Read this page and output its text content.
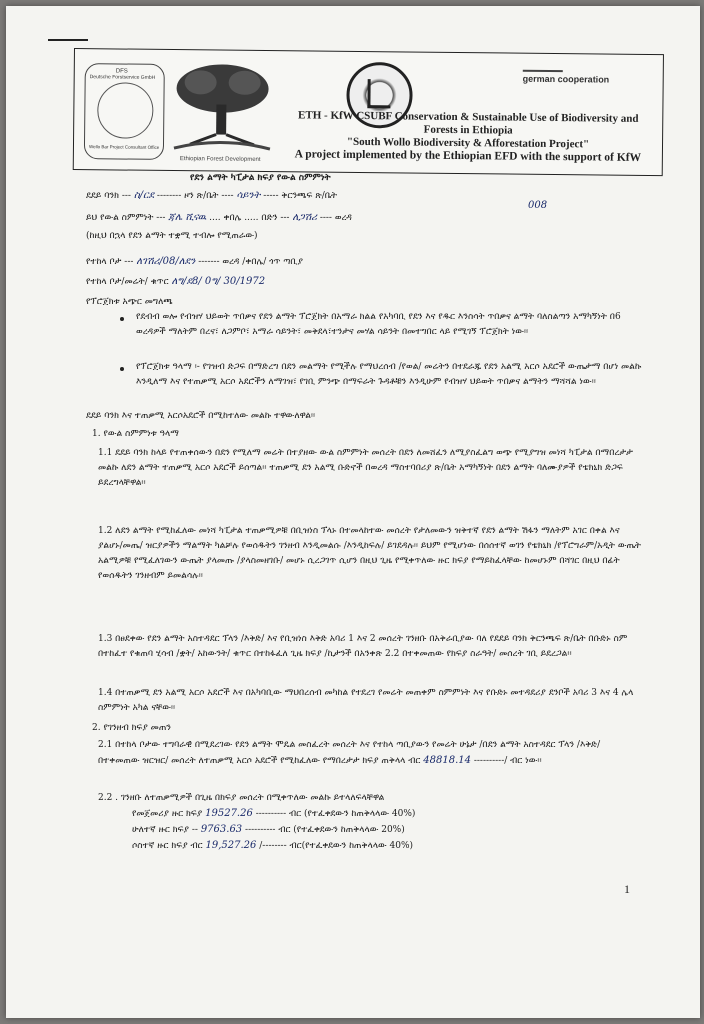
DFS
Deutsche Forstservice GmbH
Wello Bar Project Consultant Office
Ethiopian Forest Development
german cooperation
ETH - KfW CSUBF Conservation & Sustainable Use of Biodiversity and
Forests in Ethiopia
"South Wollo Biodiversity & Afforestation Project"
A project implemented by the Ethiopian EFD with the support of KfW
የደን ልማት ካፒታል ክፍያ የውል ስምምነት
ደደይ ባንክ --- ስ/ርደ -------- ዞን ጽ/ቤት ---- ሳይንት ----- ቅርንጫፍ ጽ/ቤት
008
ይህ የውል ስምምነት --- ጃሌ ሺናዉ .... ቀበሌ ..... በድን --- ለጋሽሪ ---- ወረዳ
(ከዚህ በኋላ የደን ልማት ተቋሚ ተብሎ የሚጠራው)
የተከላ ቦታ --- ለገሽሪ/08/ለደን ------- ወረዳ /ቀበሌ/ ጎጥ ጣቢያ
የተከላ ቦታ/መሬት/ ቁጥር ለግ/ደ8/ 0ግ/ 30/1972
የፕሮጀክቱ አጭር መግለጫ
የደብብ ወሎ የብዝሃ ህይወት ጥበቃና የደን ልማት ፕሮጀክት በአማራ ክልል የአካባቢ የደን እና የዱር እንስሳት ጥበቃና ልማት ባለስልጣን አማካኝነት በ6 ወረዳዎች ማለትም በረና፣ ለጋምቦ፣ አማራ ሳይንት፣ መቅደላ፣ተንታና መሃል ሳይንት በመተግበር ላይ የሚገኝ ፕሮጀክት ነው፡፡
የፕሮጀክቱ ዓላማ ፡- የገዝብ ድጋፍ በማድረግ በደን መልማት የሚችሉ የማህረሰብ /የወል/ መሬትን በተደራጁ የደን አልሚ አርሶ አደሮች ውጤታማ በሆነ መልኩ እንዲለማ እና የተጠቃሚ አርሶ አደሮችን ለማገዝ፣ የገቢ ምንጭ በማፍራት ጉዳቶቹን እንዲሁም የብዝሃ ህይወት ጥበቃና ልማትን ማሻሻል ነው፡፡
ደደይ ባንክ እና ተጠቃሚ አርሶአደሮች በሚከተለው መልኩ ተዋውለዋል፡፡
1. የውል ስምምነቱ ዓላማ
1.1 ደደይ ባንክ ከላይ የተጠቀሰውን በደን የሚለማ መሬት በተያዘው ውል ስምምነት መሰረት በደን ለመሸፈን ለሚያስፈልግ ወጭ የሚያግዝ መነሻ ካፒታል በማበረታታ መልኩ ለደን ልማት ተጠቃሚ አርሶ አደሮች ይሰጣል፡፡ ተጠቃሚ ደን አልሚ ቡድኖች በወረዳ ማስተባበሪያ ጽ/ቤት አማካኝነት በደን ልማት ባለሙያዎች የቴክኒክ ድጋፍ ይደረግላቸዋል፡፡
1.2 ለደን ልማት የሚከፈለው መነሻ ካፒታል ተጠቃሚዎቹ በቢዝነስ ፕላኑ በተመላከተው መሰረት የታለመውን ዝቅተኛ የደን ልማት ሽፋን ማለትም አገር በቀል እና ያልሆኑ/መጤ/ ዝርያዎችን ማልማት ካልቻሉ የወሰዱትን ገንዘብ እንዲመልሱ /እንዲከፍሉ/ ይገደዳሉ፡፡ ይህም የሚሆነው በሰሰተኛ ወገን የቴክኒክ /የፕሮግራም/አዲት ውጤት አልሚዎቹ የሚፈለገውን ውጤት ያላመጡ /ያላስመዘገቡ/ መሆኑ ሲረጋገጥ ሲሆን በዚህ ጊዜ የሚቀጥለው ዙር ክፍያ የማይከፈላቸው ከመሆኑም በሻገር በዚህ በፊት የወሰዱትን ገንዘብም ይመልሳሉ፡፡
1.3 በፀደቀው የደን ልማት አስተዳደር ፕላን /እቅድ/ እና የቢዝነስ እቅድ አባሪ 1 እና 2 መሰረት ገንዘቡ በአቅራቢያው ባለ የደደይ ባንክ ቅርንጫፍ ጽ/ቤት በቡድኑ ስም በተከፈተ የቁጠባ ሂሳብ /ቋት/ አከውንት/ ቁጥር በተከፋፈለ ጊዜ ክፍያ /ኪታንች በአንቀጽ 2.2 በተቀመጠው የክፍያ ስራዓት/ መሰረት ገቢ ይደረጋል፡፡
1.4 በተጠቃሚ ደን አልሚ አርሶ አደሮች እና በአካባቢው ማህበረሰብ መካከል የተደረገ የመሬት መጠቀም ስምምነት እና የቡድኑ መተዳደሪያ ደንቦች አባሪ 3 እና 4 ሌላ ስምምነት አካል ናቸው፡፡
2. የገንዘብ ክፍያ መጠን
2.1 በተከላ ቦታው ተግባራዊ በሚደረገው የደን ልማት ሞዴል መስፈረት መሰረት እና የተከላ ጣቢያውን የመሬት ሁኔታ /በደን ልማት አስተዳደር ፕላን /እቅድ/ በተቀመጠው ዝርዝር/ መሰረት ለተጠቃሚ አርሶ አደሮች የሚከፈለው የማበረታታ ክፍያ ጠቅላላ ብር 48818.14 ----------/ ብር ነው፡፡
2.2 . ገንዘቡ ለተጠቃሚዎች በጊዜ በክፍያ መሰረት በሚቀጥለው መልኩ ይተላለፍላቸዋል
የመጀመሪያ ዙር ክፍያ 19527.26 ---------- ብር (የተፈቀደውን ከጠቅላላው 40%)
ሁለተኛ ዙር ክፍያ -- 9763.63 ---------- ብር (የተፈቀደውን ከጠቅላላው 20%)
ሶስተኛ ዙር ክፍያ ብር 19,527.26 /-------- ብር(የተፈቀደውን ከጠቅላላው 40%)
1
